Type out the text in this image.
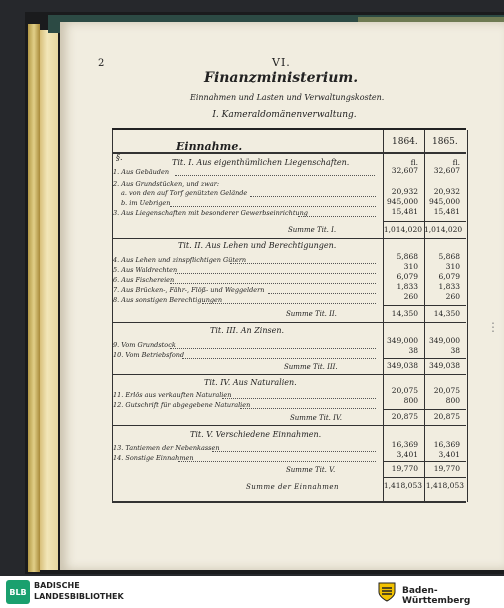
2	VI.
Finanzministerium.
Einnahmen und Lasten und Verwaltungskosten.
I. Kameraldomänenverwaltung.
Einnahme.	1864. 1865.
§.
Tit. I. Aus eigenthümlichen Liegenschaften.	fl.	fl.
1. Aus Gebäuden	32,607	32,607
2. Aus Grundstücken, und zwar:
a. von den auf Torf genützten Gelände	20,932	20,932
b. im Uebrigen	945,000	945,000
3. Aus Liegenschaften mit besonderer Gewerbseinrichtung	15,481	15,481
Summe Tit. I.	1,014,020 1,014,020
Tit. II. Aus Lehen und Berechtigungen.
4. Aus Lehen und zinspflichtigen Gütern	5,868	5,868
5. Aus Waldrechten	310	310
6. Aus Fischereien	6,079	6,079
7. Aus Brücken-, Fähr-, Flöß- und Weggeldern	1,833	1,833
8. Aus sonstigen Berechtigungen	260	260
Summe Tit. II.	14,350	14,350
Tit. III. An Zinsen.
9. Vom Grundstock	349,000	349,000
10. Vom Betriebsfond	38	38
Summe Tit. III.	349,038	349,038
Tit. IV. Aus Naturalien.
11. Erlös aus verkauften Naturalien	20,075	20,075
12. Gutschrift für abgegebene Naturalien	800	800
Summe Tit. IV.	20,875	20,875
Tit. V. Verschiedene Einnahmen.
13. Tantiemen der Nebenkassen	16,369	16,369
14. Sonstige Einnahmen	3,401	3,401
Summe Tit. V.	19,770	19,770
Summe der Einnahmen	1,418,053 1,418,053
⋮
BLB
BADISCHE
LANDESBIBLIOTHEK
Baden-Württemberg
